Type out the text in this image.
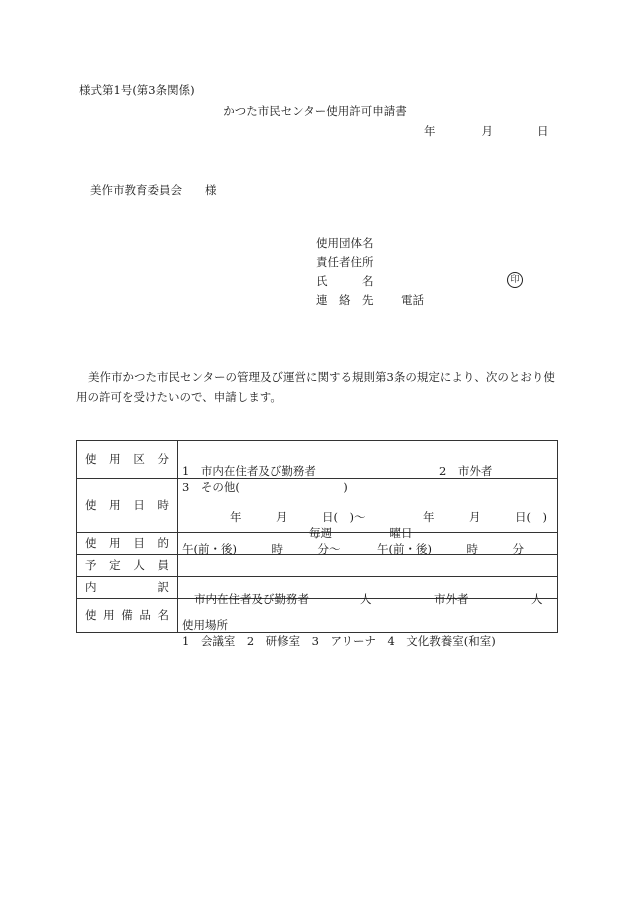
様式第1号(第3条関係)
かつた市民センター使用許可申請書
年	月	日
美作市教育委員会　　様
使用団体名
責任者住所
氏　　　名
連　絡　先 電話
印
美作市かつた市民センターの管理及び運営に関する規則第3条の規定により、次のとおり使用の許可を受けたいので、申請します。
使用区分	1　市内在住者及び勤務者 2　市外者
3　その他(　　　　　　　　　)

使用日時	年　　　月　　　日(　)～ 年　　　月　　　日(　)
毎週　　　　　曜日
午(前・後)　　　時　　　分～ 午(前・後)　　　時　　　分

使用目的	
予定人員	
内訳	市内在住者及び勤務者 人 市外者 人

使用備品名	使用場所
1　会議室　2　研修室　3　アリーナ　4　文化教養室(和室)
